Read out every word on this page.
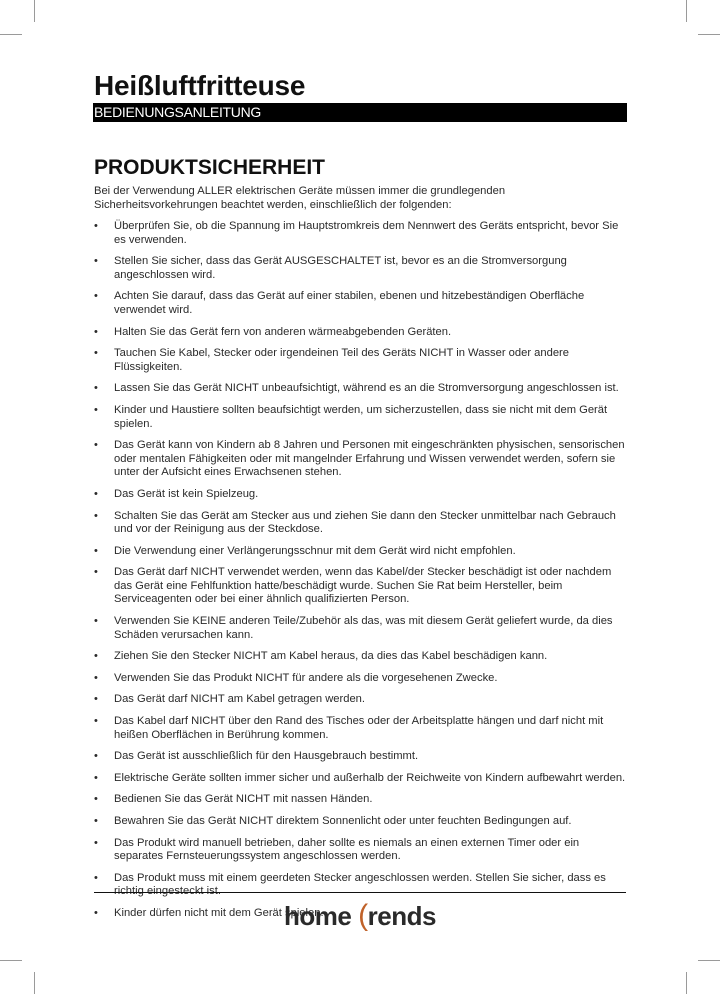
Heißluftfritteuse
BEDIENUNGSANLEITUNG
PRODUKTSICHERHEIT

Bei der Verwendung ALLER elektrischen Geräte müssen immer die grundlegenden Sicherheitsvorkehrungen beachtet werden, einschließlich der folgenden:

• Überprüfen Sie, ob die Spannung im Hauptstromkreis dem Nennwert des Geräts entspricht, bevor Sie es verwenden.
• Stellen Sie sicher, dass das Gerät AUSGESCHALTET ist, bevor es an die Stromversorgung angeschlossen wird.
• Achten Sie darauf, dass das Gerät auf einer stabilen, ebenen und hitzebeständigen Oberfläche verwendet wird.
• Halten Sie das Gerät fern von anderen wärmeabgebenden Geräten.
• Tauchen Sie Kabel, Stecker oder irgendeinen Teil des Geräts NICHT in Wasser oder andere Flüssigkeiten.
• Lassen Sie das Gerät NICHT unbeaufsichtigt, während es an die Stromversorgung angeschlossen ist.
• Kinder und Haustiere sollten beaufsichtigt werden, um sicherzustellen, dass sie nicht mit dem Gerät spielen.
• Das Gerät kann von Kindern ab 8 Jahren und Personen mit eingeschränkten physischen, sensorischen oder mentalen Fähigkeiten oder mit mangelnder Erfahrung und Wissen verwendet werden, sofern sie unter der Aufsicht eines Erwachsenen stehen.
• Das Gerät ist kein Spielzeug.
• Schalten Sie das Gerät am Stecker aus und ziehen Sie dann den Stecker unmittelbar nach Gebrauch und vor der Reinigung aus der Steckdose.
• Die Verwendung einer Verlängerungsschnur mit dem Gerät wird nicht empfohlen.
• Das Gerät darf NICHT verwendet werden, wenn das Kabel/der Stecker beschädigt ist oder nachdem das Gerät eine Fehlfunktion hatte/beschädigt wurde. Suchen Sie Rat beim Hersteller, beim Serviceagenten oder bei einer ähnlich qualifizierten Person.
• Verwenden Sie KEINE anderen Teile/Zubehör als das, was mit diesem Gerät geliefert wurde, da dies Schäden verursachen kann.
• Ziehen Sie den Stecker NICHT am Kabel heraus, da dies das Kabel beschädigen kann.
• Verwenden Sie das Produkt NICHT für andere als die vorgesehenen Zwecke.
• Das Gerät darf NICHT am Kabel getragen werden.
• Das Kabel darf NICHT über den Rand des Tisches oder der Arbeitsplatte hängen und darf nicht mit heißen Oberflächen in Berührung kommen.
• Das Gerät ist ausschließlich für den Hausgebrauch bestimmt.
• Elektrische Geräte sollten immer sicher und außerhalb der Reichweite von Kindern aufbewahrt werden.
• Bedienen Sie das Gerät NICHT mit nassen Händen.
• Bewahren Sie das Gerät NICHT direktem Sonnenlicht oder unter feuchten Bedingungen auf.
• Das Produkt wird manuell betrieben, daher sollte es niemals an einen externen Timer oder ein separates Fernsteuerungssystem angeschlossen werden.
• Das Produkt muss mit einem geerdeten Stecker angeschlossen werden. Stellen Sie sicher, dass es
• Kinder dürfen nicht mit dem Gerät spielen.
home (rends
